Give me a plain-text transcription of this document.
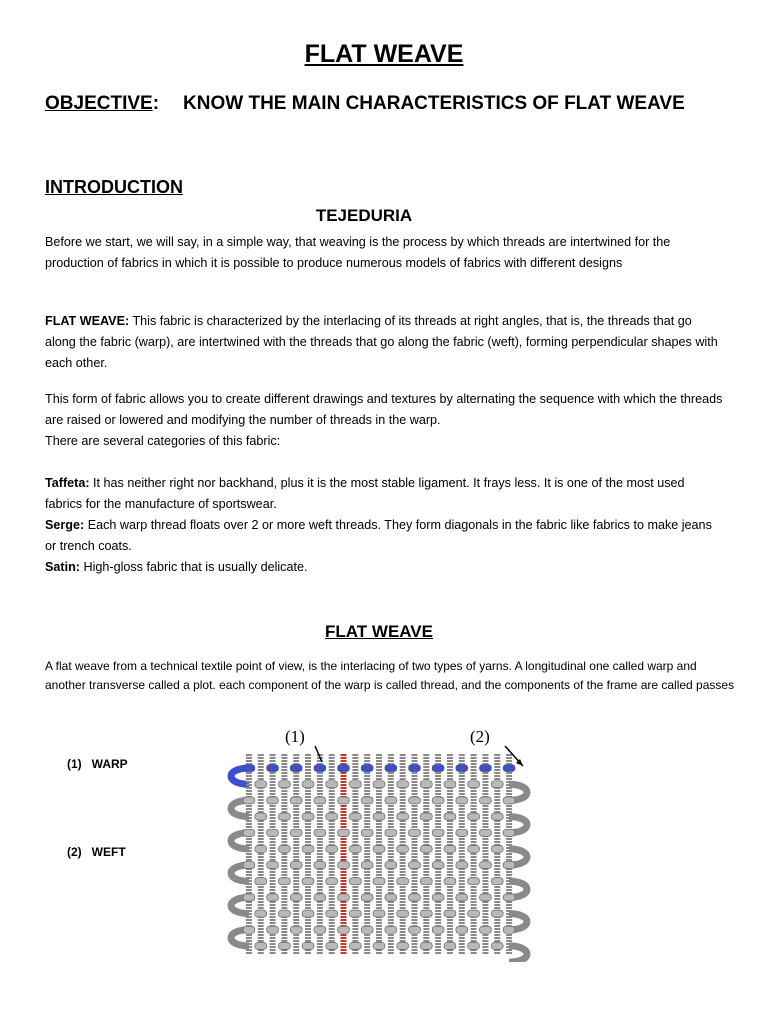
FLAT WEAVE
OBJECTIVE: KNOW THE MAIN CHARACTERISTICS OF FLAT WEAVE
INTRODUCTION
TEJEDURIA
Before we start, we will say, in a simple way, that weaving is the process by which threads are intertwined for the production of fabrics in which it is possible to produce numerous models of fabrics with different designs
FLAT WEAVE: This fabric is characterized by the interlacing of its threads at right angles, that is, the threads that go along the fabric (warp), are intertwined with the threads that go along the fabric (weft), forming perpendicular shapes with each other.
This form of fabric allows you to create different drawings and textures by alternating the sequence with which the threads are raised or lowered and modifying the number of threads in the warp.
There are several categories of this fabric:
Taffeta: It has neither right nor backhand, plus it is the most stable ligament. It frays less. It is one of the most used fabrics for the manufacture of sportswear.
Serge: Each warp thread floats over 2 or more weft threads. They form diagonals in the fabric like fabrics to make jeans or trench coats.
Satin: High-gloss fabric that is usually delicate.
FLAT WEAVE
A flat weave from a technical textile point of view, is the interlacing of two types of yarns. A longitudinal one called warp and another transverse called a plot. each component of the warp is called thread, and the components of the frame are called passes
(1) WARP
(2) WEFT
(1)	(2)
